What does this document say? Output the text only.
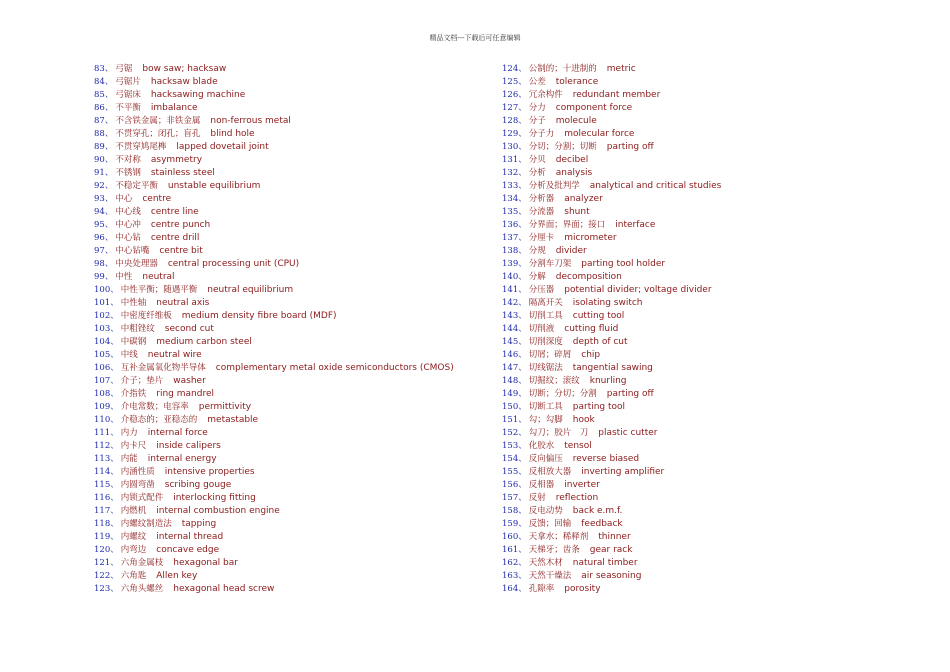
精品文档---下载后可任意编辑
83、 弓锯 bow saw; hacksaw
84、 弓锯片 hacksaw blade
85、 弓锯床 hacksawing machine
86、 不平衡 imbalance
87、 不含铁金属；非铁金属 non-ferrous metal
88、 不贯穿孔；闭孔；盲孔 blind hole
89、 不贯穿鸠尾榫 lapped dovetail joint
90、 不对称 asymmetry
91、 不锈钢 stainless steel
92、 不稳定平衡 unstable equilibrium
93、 中心 centre
94、 中心线 centre line
95、 中心冲 centre punch
96、 中心钻 centre drill
97、 中心钻嘴 centre bit
98、 中央处理器 central processing unit (CPU)
99、 中性 neutral
100、 中性平衡；随遇平衡 neutral equilibrium
101、 中性轴 neutral axis
102、 中密度纤维板 medium density fibre board (MDF)
103、 中粗锉纹 second cut
104、 中碳钢 medium carbon steel
105、 中线 neutral wire
106、 互补金属氧化物半导体 complementary metal oxide semiconductors (CMOS)
107、 介子；垫片 washer
108、 介指铁 ring mandrel
109、 介电常数；电容率 permittivity
110、 介稳态的；亚稳态的 metastable
111、 内力 internal force
112、 内卡尺 inside calipers
113、 内能 internal energy
114、 内涵性质 intensive properties
115、 内圆弯凿 scribing gouge
116、 内锁式配件 interlocking fitting
117、 内燃机 internal combustion engine
118、 内螺纹制造法 tapping
119、 内螺纹 internal thread
120、 内弯边 concave edge
121、 六角金属枝 hexagonal bar
122、 六角匙 Allen key
123、 六角头螺丝 hexagonal head screw
124、 公制的；十进制的 metric
125、 公差 tolerance
126、 冗余构件 redundant member
127、 分力 component force
128、 分子 molecule
129、 分子力 molecular force
130、 分切；分割；切断 parting off
131、 分贝 decibel
132、 分析 analysis
133、 分析及批判学 analytical and critical studies
134、 分析器 analyzer
135、 分流器 shunt
136、 分界面；界面；接口 interface
137、 分厘卡 micrometer
138、 分规 divider
139、 分割车刀架 parting tool holder
140、 分解 decomposition
141、 分压器 potential divider; voltage divider
142、 隔离开关 isolating switch
143、 切削工具 cutting tool
144、 切削液 cutting fluid
145、 切削深度 depth of cut
146、 切屑；碎屑 chip
147、 切线锯法 tangential sawing
148、 切掘纹；滚纹 knurling
149、 切断；分切；分割 parting off
150、 切断工具 parting tool
151、 勾；勾脚 hook
152、 勾刀；胶片　刀 plastic cutter
153、 化胶水 tensol
154、 反向偏压 reverse biased
155、 反相放大器 inverting amplifier
156、 反相器 inverter
157、 反射 reflection
158、 反电动势 back e.m.f.
159、 反馈；回输 feedback
160、 天拿水；稀释剂 thinner
161、 天梯牙；齿条 gear rack
162、 天然木材 natural timber
163、 天然干燥法 air seasoning
164、 孔隙率 porosity
